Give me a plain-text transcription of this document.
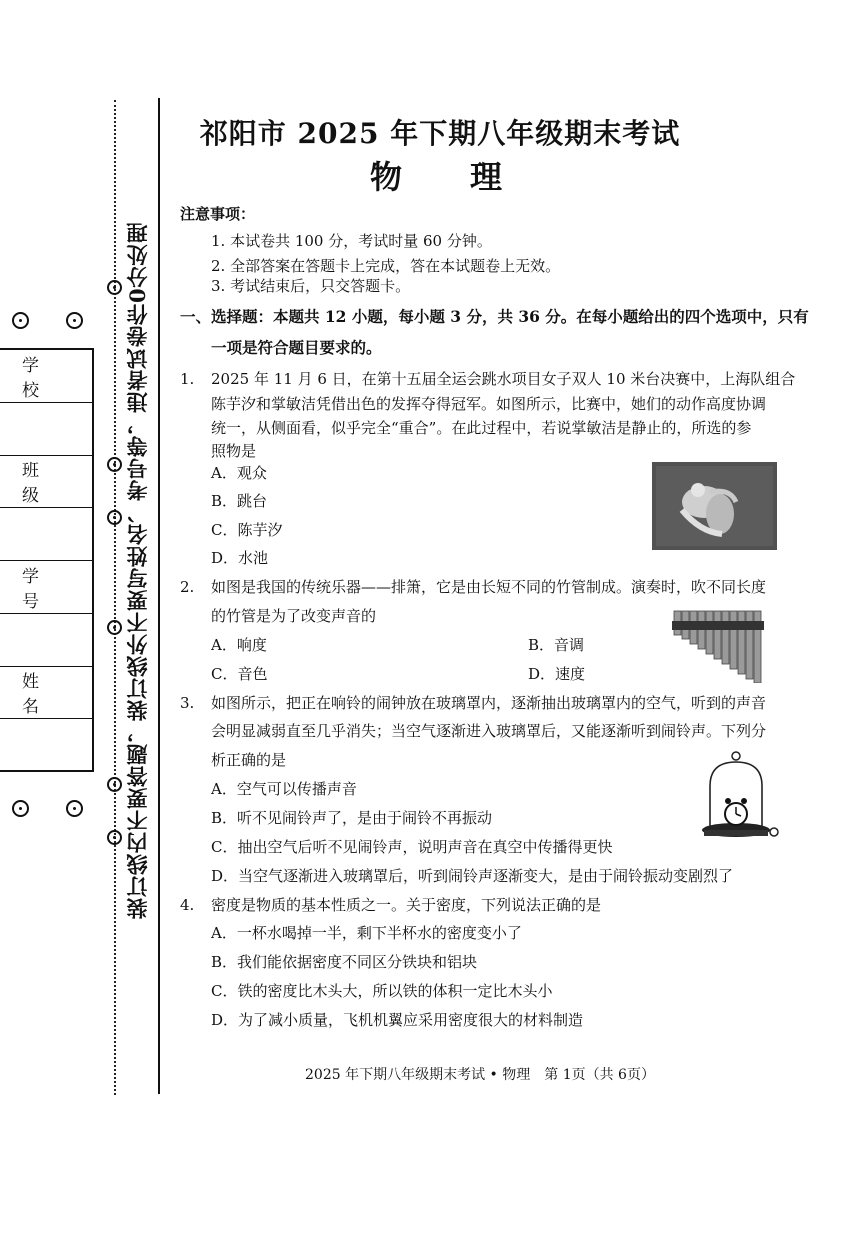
装订线内不要答题，装订线外不要写姓名、考号等，违者试卷作0分处理
学校
班级
学号
姓名
祁阳市 2025 年下期八年级期末考试
物　理
注意事项：
1. 本试卷共 100 分，考试时量 60 分钟。
2. 全部答案在答题卡上完成，答在本试题卷上无效。
3. 考试结束后，只交答题卡。
一、选择题：本题共 12 小题，每小题 3 分，共 36 分。在每小题给出的四个选项中，只有
一项是符合题目要求的。
1. 2025 年 11 月 6 日，在第十五届全运会跳水项目女子双人 10 米台决赛中，上海队组合
陈芋汐和掌敏洁凭借出色的发挥夺得冠军。如图所示，比赛中，她们的动作高度协调
统一，从侧面看，似乎完全“重合”。在此过程中，若说掌敏洁是静止的，所选的参
照物是
A．观众
B．跳台
C．陈芋汐
D．水池
2. 如图是我国的传统乐器——排箫，它是由长短不同的竹管制成。演奏时，吹不同长度
的竹管是为了改变声音的
A．响度	B．音调
C．音色	D．速度
3. 如图所示，把正在响铃的闹钟放在玻璃罩内，逐渐抽出玻璃罩内的空气，听到的声音
会明显减弱直至几乎消失；当空气逐渐进入玻璃罩后，又能逐渐听到闹铃声。下列分
析正确的是
A．空气可以传播声音
B．听不见闹铃声了，是由于闹铃不再振动
C．抽出空气后听不见闹铃声，说明声音在真空中传播得更快
D．当空气逐渐进入玻璃罩后，听到闹铃声逐渐变大，是由于闹铃振动变剧烈了
4. 密度是物质的基本性质之一。关于密度，下列说法正确的是
A．一杯水喝掉一半，剩下半杯水的密度变小了
B．我们能依据密度不同区分铁块和铝块
C．铁的密度比木头大，所以铁的体积一定比木头小
D．为了减小质量，飞机机翼应采用密度很大的材料制造
2025 年下期八年级期末考试 • 物理　第 1页（共 6页）
